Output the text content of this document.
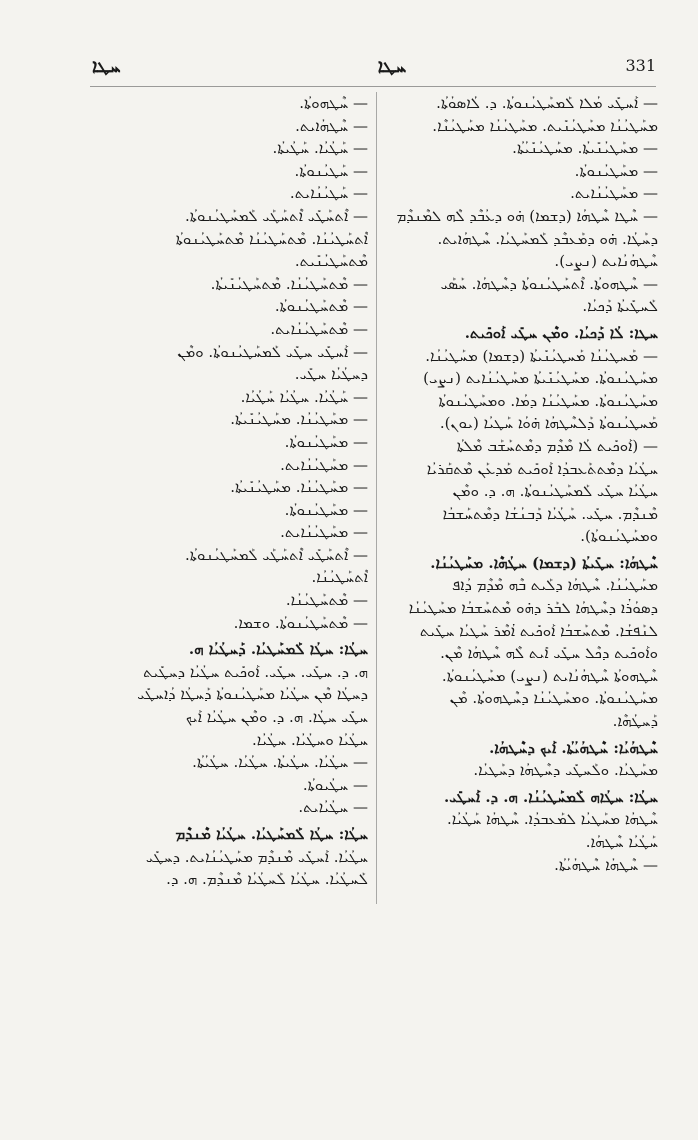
ܚܛܐ	ܚܛܐ	331
— ܐܰܚܛܺܝ ܡܳܠܐ ܠܰܡܚܰܛܝܳܢܘܬܳܐ. ܕ. ܠܳܐܣܘܳܬܳܐ.
ܡܚܰܛܝܳܢܳܐ ܡܚܰܛܝܳܢܺܝܬ. ܡܚܰܛܝܳܢܳܐ ܡܚܰܛܝܳܢܶܐ.
— ܡܚܰܛܝܳܢܺܝܬܳܐ. ܡܚܰܛܝܳܢܺܝܳܬܳܐ.
— ܡܚܰܛܝܳܢܘܬܳܐ.
— ܡܚܰܛܝܳܢܳܐܝܬ.
— ܚܶܛܐ ܚܶܛܗܳܐ (ܕܫܡܐ) ܗ̇ܘ ܕܥܳܒܶܕ ܠܶܗ ܠܡܶܢܕܶܡ
ܕܚܰܛܳܐ. ܗ̇ܘ ܕܡܰܥܒܶܕ ܠܰܡܚܰܛܝܳܐ. ܚܶܛܗܳܐܝܬ.
ܚܶܛܗܳܢܳܐܝܬ (ܢܨܝ).
— ܚܶܛܗܘܬܳܐ. ܐܶܬܚܰܛܝܳܢܘܬܳܐ ܕܚܶܛܗܳܐ. ܚܰܣܰܝ
ܠܰܚܛܺܝܬܳܐ ܕܰܟܝܳܐ.
ܚܛܐ: ܠܳܐ ܕܰܟܝܳܐ. ܘܡܶܢ ܚܛܺܝ ܐܰܘܟܺܝܬ.
— ܡܰܚܛܝܳܢܳܐ ܡܰܚܛܝܳܢܺܝܬܳܐ (ܕܫܡܐ) ܡܚܰܛܝܳܢܳܐ.
ܡܚܰܛܝܳܢܘܬܳܐ. ܡܚܰܛܝܳܢܺܝܬܳܐ ܡܚܰܛܝܳܢܳܐܝܬ (ܢܨܝ)
ܡܚܰܛܝܳܢܘܬܳܐ. ܡܚܰܛܝܳܢܳܐ ܕܡܳܐ. ܘܡܚܰܛܝܳܢܘܬܳܐ
ܡܰܚܛܝܳܢܘܬܳܐ ܕܰܠܚܶܛܗܳܐ ܗ̇ܘܳܐ ܚܰܛܝܳܐ (ܝܘܢ).
— (ܐܰܘܟܺܝܬ ܠܳܐ ܡܶܕܶܡ ܕܡܶܬܚܰܫܰܒ ܡܶܠܬܳܐ
ܚܛܳܝܳܐ ܕܡܶܬܬܰܥܒܕܳܐ ܐܰܘܟܺܝܬ ܡܰܕܥܰܢ ܡܶܬܩܰܪܝܳܐ
ܚܛܳܝܳܐ ܚܛܺܝ ܠܰܡܚܰܛܝܳܢܘܬܳܐ. ܗ. ܕ. ܘܡܶܢ
ܡܶܢܕܶܡ. ܚܛܺܝ. ܚܰܛܳܝܳܐ ܕܰܒܢܳܫܳܐ ܕܡܶܬܚܰܫܒܳܐ
ܘܡܚܰܛܝܳܢܘܬܳܐ).
ܚܶܛܗܳܐ: ܚܛܺܝܬܳܐ (ܕܫܡܐ) ܚܛܳܗܶܐ. ܡܚܰܛܝܳܢܳܐ.
ܡܚܰܛܝܳܢܳܐ. ܚܶܛܗܳܐ ܕܠܰܝܬ ܒܶܗ ܡܶܕܶܡ ܕܳܐܦ
ܕܣܘܳܪܳܐ ܕܚܶܛܗܳܐ ܠܒܰܪ ܕܗ̇ܘ ܡܶܬܚܰܫܒܳܐ ܡܚܰܛܝܳܢܳܐ
ܠܢܰܦܫܳܐ. ܡܶܬܚܰܫܒܳܐ ܐܰܘܟܺܝܬ ܐܳܡܶܪ ܚܰܛܝܳܐ ܚܛܺܝܬ
ܘܐܰܘܟܺܝܬ ܕܟܶܠ ܚܛܺܝ ܐܺܝܬ ܠܶܗ ܚܶܛܗܳܐ ܡܶܢ.
ܚܶܛܗܘܬܳܐ ܚܶܛܗܳܢܳܐܝܬ (ܢܨܝ) ܡܚܰܛܝܳܢܘܬܳܐ.
ܡܚܰܛܝܳܢܘܬܳܐ. ܘܡܚܰܛܝܳܢܳܐ ܕܚܶܛܗܘܬܳܐ. ܡܶܢ
ܕܰܚܛܳܗܶܐ.
ܚܶܛܗܳܝܳܐ: ܚܶܛܗܳܝܳܬܳܐ. ܐܰܝܟ ܕܚܶܛܗܳܐ.
ܡܚܰܛܝܳܐ. ܘܠܰܚܛܺܝ ܕܚܶܛܗܳܐ ܕܚܰܛܝܳܐ.
ܚܛܳܐ: ܚܛܳܐܗ ܠܰܡܚܰܛܝܳܢܳܐ. ܗ. ܕ. ܐܰܚܛܺܝ.
ܚܶܛܗܳܐ ܡܚܰܛܝܳܐ ܠܡܰܥܒܕܳܐ. ܚܶܛܗܳܐ ܚܰܛܳܝܳܐ.
ܚܰܛܳܝܳܐ ܚܶܛܗܳܐ.
— ܚܶܛܗܳܐ ܚܶܛܗܳܝܳܬܳܐ.
— ܚܶܛܗܘܬܳܐ.
— ܚܶܛܗܳܐܝܬ.
— ܚܰܛܳܝܳܐ. ܚܰܛܳܝܬܳܐ.
— ܚܰܛܝܳܢܘܬܳܐ.
— ܚܰܛܝܳܢܳܐܝܬ.
— ܐܶܬܚܰܛܺܝ ܐܶܬܚܰܛܰܝ ܠܰܡܚܰܛܝܳܢܘܬܳܐ.
ܐܶܬܚܰܛܝܳܢܳܐ. ܡܶܬܚܰܛܝܳܢܳܐ ܡܶܬܚܰܛܝܳܢܘܬܳܐ
ܡܶܬܚܰܛܝܳܢܺܝܬ.
— ܡܶܬܚܰܛܝܳܢܳܐ. ܡܶܬܚܰܛܝܳܢܺܝܬܳܐ.
— ܡܶܬܚܰܛܝܳܢܘܬܳܐ.
— ܡܶܬܚܰܛܝܳܢܳܐܝܬ.
— ܐܰܚܛܺܝ ܚܛܺܝ ܠܰܡܚܰܛܝܳܢܘܬܳܐ. ܘܡܶܢ
ܕܚܛܳܝܳܐ ܚܛܺܝ.
— ܚܰܛܳܝܳܐ. ܚܛܳܝܳܐ ܚܰܛܳܝܳܐ.
— ܡܚܰܛܝܳܢܳܐ. ܡܚܰܛܝܳܢܺܝܬܳܐ.
— ܡܚܰܛܝܳܢܘܬܳܐ.
— ܡܚܰܛܝܳܢܳܐܝܬ.
— ܡܚܰܛܝܳܢܳܐ. ܡܚܰܛܝܳܢܺܝܬܳܐ.
— ܡܚܰܛܝܳܢܘܬܳܐ.
— ܡܚܰܛܝܳܢܳܐܝܬ.
— ܐܶܬܚܰܛܺܝ ܐܶܬܚܰܛܰܝ ܠܰܡܚܰܛܝܳܢܘܬܳܐ.
ܐܶܬܚܰܛܝܳܢܳܐ.
— ܡܶܬܚܰܛܝܳܢܳܐ.
— ܡܶܬܚܰܛܝܳܢܘܬܳܐ. ܘܫܡܐ.
ܚܛܳܐ: ܚܛܳܐ ܠܰܡܚܰܛܝܳܐ. ܕܰܚܛܳܝܳܐ ܗ.
ܗ. ܕ. ܚܛܺܝ. ܚܛܺܝ. ܐܰܘܟܺܝܬ ܚܛܳܝܳܐ ܕܚܛܺܝܬ
ܕܚܛܳܐ ܡܶܢ ܚܛܳܝܳܐ ܡܚܰܛܝܳܢܘܬܳܐ ܕܰܚܛܳܐ ܕܳܐܚܛܺܝ
ܚܛܺܝ ܚܛܳܐ. ܗ. ܕ. ܘܡܶܢ ܚܛܳܝܳܐ ܐܰܝܟ
ܚܛܳܝܳܐ ܘܚܛܳܝܳܐ. ܚܛܳܝܳܐ.
— ܚܛܳܝܳܐ. ܚܛܳܝܬܳܐ. ܚܛܳܝܳܐ. ܚܛܳܝܳܬܳܐ.
— ܚܛܳܝܘܬܳܐ.
— ܚܛܳܝܳܐܝܬ.
ܚܛܳܐ: ܚܛܳܐ ܠܰܡܚܰܛܝܳܐ. ܚܛܳܝܳܐ ܡܶܢܕܶܡ
ܚܛܳܝܳܐ. ܐܰܚܛܺܝ ܡܶܢܕܶܡ ܡܚܰܛܝܳܢܳܐܝܬ. ܕܚܛܺܝ
ܠܰܚܛܳܝܳܐ. ܚܛܳܝܳܐ ܠܰܚܛܳܝܳܐ ܡܶܢܕܶܡ. ܗ. ܕ.
